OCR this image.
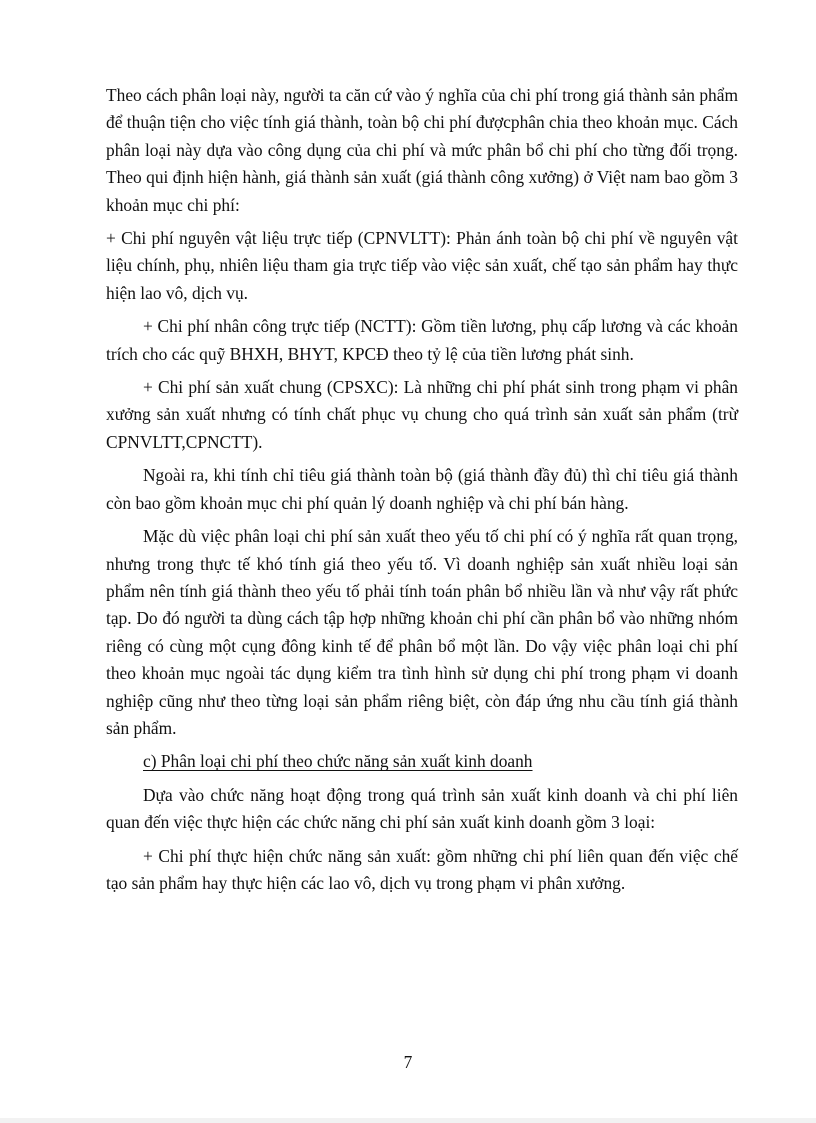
Theo cách phân loại này, người ta căn cứ vào ý nghĩa của chi phí trong giá thành sản phẩm để thuận tiện cho việc tính giá thành, toàn bộ chi phí đượcphân chia theo khoản mục. Cách phân loại này dựa vào công dụng của chi phí và mức phân bổ chi phí cho từng đối trọng. Theo qui định hiện hành, giá thành sản xuất (giá thành công xưởng) ở Việt nam bao gồm 3 khoản mục chi phí:

+ Chi phí nguyên vật liệu trực tiếp (CPNVLTT): Phản ánh toàn bộ chi phí về nguyên vật liệu chính, phụ, nhiên liệu tham gia trực tiếp vào việc sản xuất, chế tạo sản phẩm hay thực hiện lao vô, dịch vụ.

+ Chi phí nhân công trực tiếp (NCTT): Gồm tiền lương, phụ cấp lương và các khoản trích cho các quỹ BHXH, BHYT, KPCĐ theo tỷ lệ của tiền lương phát sinh.

+ Chi phí sản xuất chung (CPSXC): Là những chi phí phát sinh trong phạm vi phân xưởng sản xuất nhưng có tính chất phục vụ chung cho quá trình sản xuất sản phẩm (trừ CPNVLTT,CPNCTT).

Ngoài ra, khi tính chỉ tiêu giá thành toàn bộ (giá thành đầy đủ) thì chỉ tiêu giá thành còn bao gồm khoản mục chi phí quản lý doanh nghiệp và chi phí bán hàng.

Mặc dù việc phân loại chi phí sản xuất theo yếu tố chi phí có ý nghĩa rất quan trọng, nhưng trong thực tế khó tính giá theo yếu tố. Vì doanh nghiệp sản xuất nhiều loại sản phẩm nên tính giá thành theo yếu tố phải tính toán phân bổ nhiều lần và như vậy rất phức tạp. Do đó người ta dùng cách tập hợp những khoản chi phí cần phân bổ vào những nhóm riêng có cùng một cụng đông kinh tế để phân bổ một lần. Do vậy việc phân loại chi phí theo khoản mục ngoài tác dụng kiểm tra tình hình sử dụng chi phí trong phạm vi doanh nghiệp cũng như theo từng loại sản phẩm riêng biệt, còn đáp ứng nhu cầu tính giá thành sản phẩm.

c) Phân loại chi phí theo chức năng sản xuất kinh doanh

Dựa vào chức năng hoạt động trong quá trình sản xuất kinh doanh và chi phí liên quan đến việc thực hiện các chức năng chi phí sản xuất kinh doanh gồm 3 loại:

+ Chi phí thực hiện chức năng sản xuất: gồm những chi phí liên quan đến việc chế tạo sản phẩm hay thực hiện các lao vô, dịch vụ trong phạm vi phân xưởng.

7
